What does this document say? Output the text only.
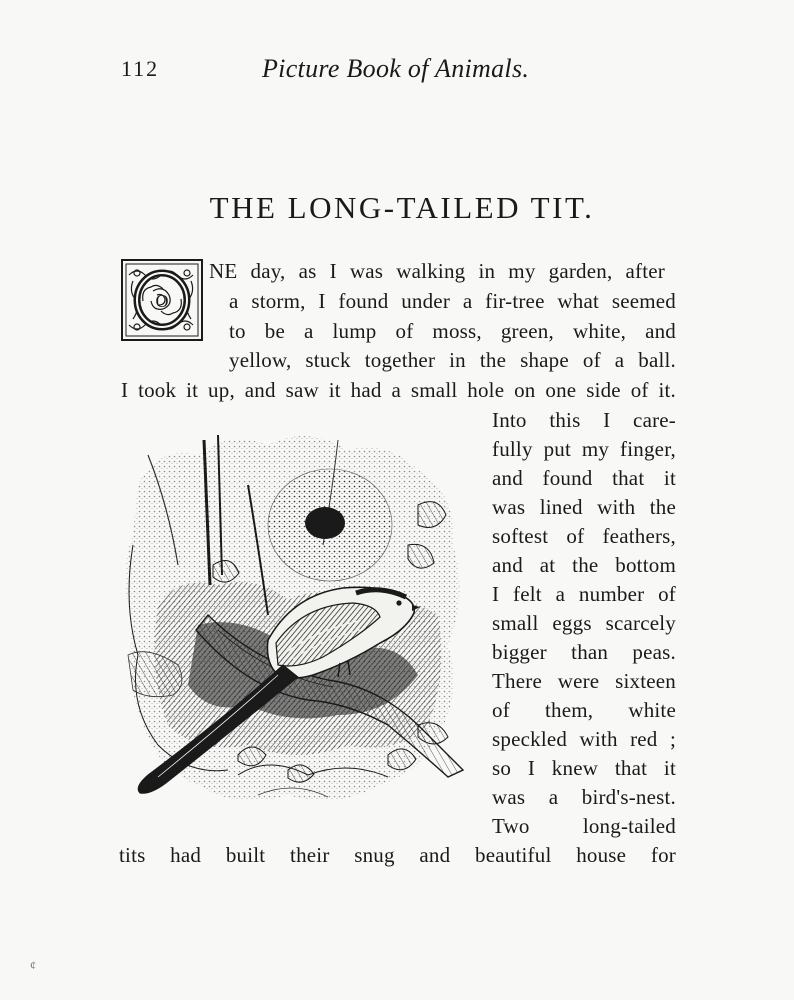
112	Picture Book of Animals.
THE LONG-TAILED TIT.
O
NE day, as I was walking in my garden, after
a storm, I found under a fir-tree what seemed
to be a lump of moss, green, white, and
yellow, stuck together in the shape of a ball.
I took it up, and saw it had a small hole on one side of it.
Into this I care-
fully put my finger,
and found that it
was lined with the
softest of feathers,
and at the bottom
I felt a number of
small eggs scarcely
bigger than peas.
There were sixteen
of them, white
speckled with red ;
so I knew that it
was a bird's-nest.
Two long-tailed
tits had built their snug and beautiful house for
¢
